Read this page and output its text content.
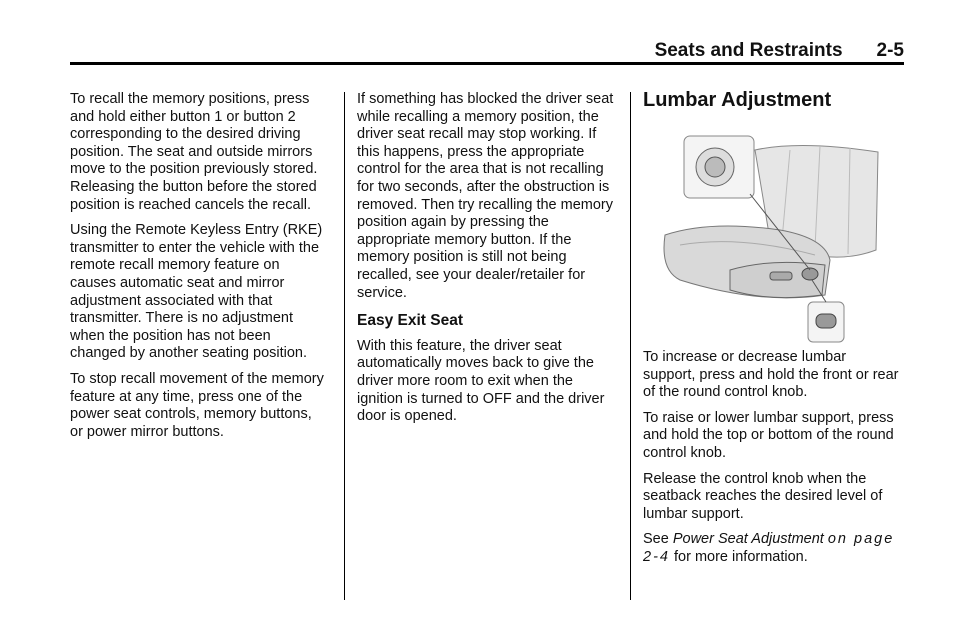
Seats and Restraints 2-5

To recall the memory positions, press and hold either button 1 or button 2 corresponding to the desired driving position. The seat and outside mirrors move to the position previously stored. Releasing the button before the stored position is reached cancels the recall.

Using the Remote Keyless Entry (RKE) transmitter to enter the vehicle with the remote recall memory feature on causes automatic seat and mirror adjustment associated with that transmitter. There is no adjustment when the position has not been changed by another seating position.

To stop recall movement of the memory feature at any time, press one of the power seat controls, memory buttons, or power mirror buttons.

If something has blocked the driver seat while recalling a memory position, the driver seat recall may stop working. If this happens, press the appropriate control for the area that is not recalling for two seconds, after the obstruction is removed. Then try recalling the memory position again by pressing the appropriate memory button. If the memory position is still not being recalled, see your dealer/retailer for service.

Easy Exit Seat

With this feature, the driver seat automatically moves back to give the driver more room to exit when the ignition is turned to OFF and the driver door is opened.

Lumbar Adjustment

To increase or decrease lumbar support, press and hold the front or rear of the round control knob.

To raise or lower lumbar support, press and hold the top or bottom of the round control knob.

Release the control knob when the seatback reaches the desired level of lumbar support.

See Power Seat Adjustment on page 2-4 for more information.
